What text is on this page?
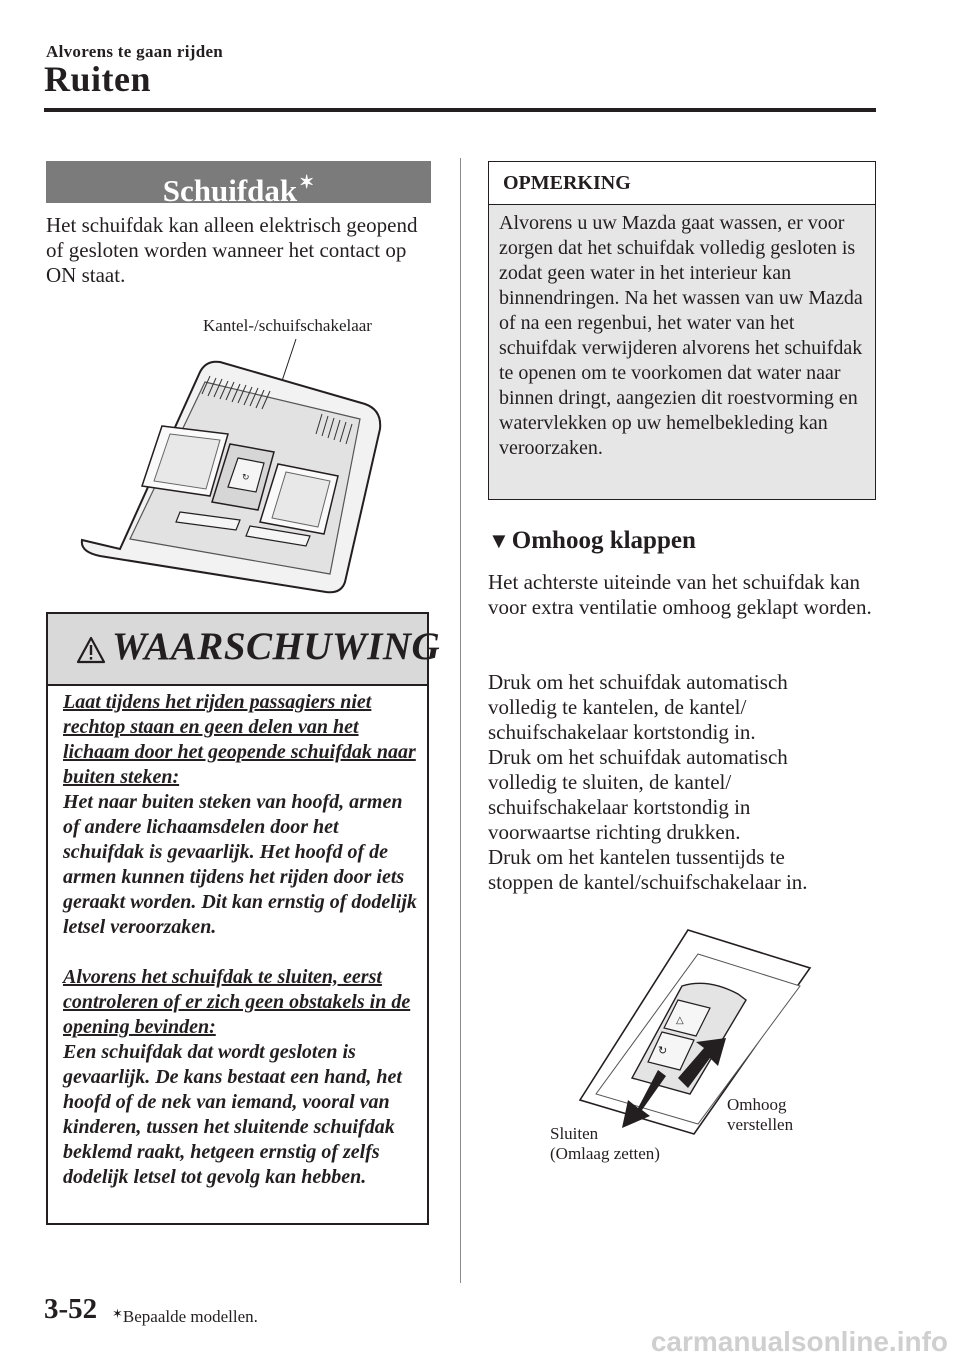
Alvorens te gaan rijden
Ruiten
Schuifdak ✶
Het schuifdak kan alleen elektrisch geopend of gesloten worden wanneer het contact op ON staat.
Kantel-/schuifschakelaar
↻
WAARSCHUWING

Laat tijdens het rijden passagiers niet rechtop staan en geen delen van het lichaam door het geopende schuifdak naar buiten steken:

Het naar buiten steken van hoofd, armen of andere lichaamsdelen door het schuifdak is gevaarlijk. Het hoofd of de armen kunnen tijdens het rijden door iets geraakt worden. Dit kan ernstig of dodelijk letsel veroorzaken.

Alvorens het schuifdak te sluiten, eerst controleren of er zich geen obstakels in de opening bevinden:

Een schuifdak dat wordt gesloten is gevaarlijk. De kans bestaat een hand, het hoofd of de nek van iemand, vooral van kinderen, tussen het sluitende schuifdak beklemd raakt, hetgeen ernstig of zelfs dodelijk letsel tot gevolg kan hebben.

OPMERKING
Alvorens u uw Mazda gaat wassen, er voor zorgen dat het schuifdak volledig gesloten is zodat geen water in het interieur kan binnendringen. Na het wassen van uw Mazda of na een regenbui, het water van het schuifdak verwijderen alvorens het schuifdak te openen om te voorkomen dat water naar binnen dringt, aangezien dit roestvorming en watervlekken op uw hemelbekleding kan veroorzaken.
▼Omhoog klappen
Het achterste uiteinde van het schuifdak kan voor extra ventilatie omhoog geklapt worden.
Druk om het schuifdak automatisch
volledig te kantelen, de kantel/
schuifschakelaar kortstondig in.
Druk om het schuifdak automatisch
volledig te sluiten, de kantel/
schuifschakelaar kortstondig in
voorwaartse richting drukken.
Druk om het kantelen tussentijds te
stoppen de kantel/schuifschakelaar in.
△
↻
Omhoog
verstellen
Sluiten
(Omlaag zetten)
3-52 ✶Bepaalde modellen.
carmanualsonline.info
